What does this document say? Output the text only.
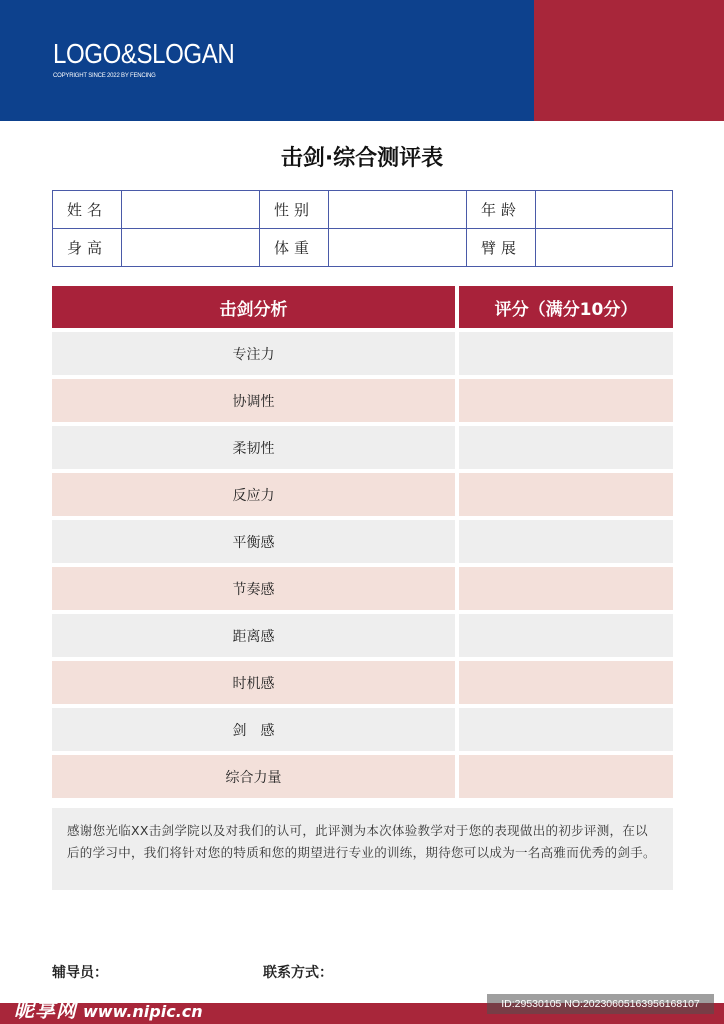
LOGO&SLOGAN
COPYRIGHT SINCE 2022 BY FENCING
击剑·综合测评表
姓名		性别		年龄	
身高		体重		臂展	
击剑分析	评分（满分10分）
专注力
协调性
柔韧性
反应力
平衡感
节奏感
距离感
时机感
剑　感
综合力量
感谢您光临XX击剑学院以及对我们的认可，此评测为本次体验教学对于您的表现做出的初步评测，在以后的学习中，我们将针对您的特质和您的期望进行专业的训练，期待您可以成为一名高雅而优秀的剑手。
辅导员：	联系方式：
昵享网 www.nipic.cn	ID:29530105 NO:20230605163956168107
